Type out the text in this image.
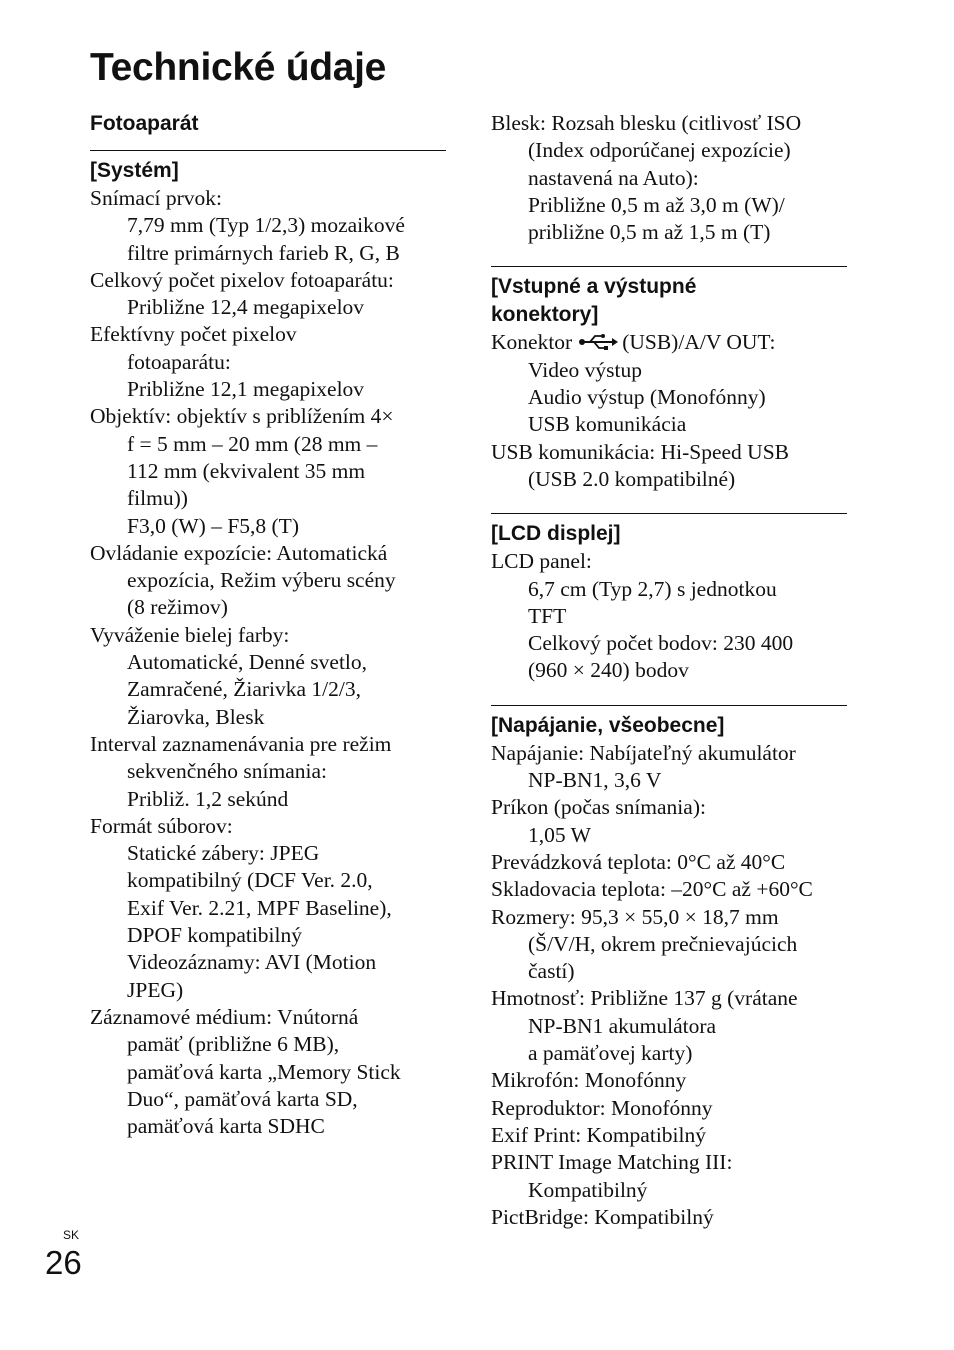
Technické údaje
Fotoaparát
[Systém]
Snímací prvok:
7,79 mm (Typ 1/2,3) mozaikové
filtre primárnych farieb R, G, B
Celkový počet pixelov fotoaparátu:
Približne 12,4 megapixelov
Efektívny počet pixelov
fotoaparátu:
Približne 12,1 megapixelov
Objektív: objektív s priblížením 4×
f = 5 mm – 20 mm (28 mm –
112 mm (ekvivalent 35 mm
filmu))
F3,0 (W) – F5,8 (T)
Ovládanie expozície: Automatická
expozícia, Režim výberu scény
(8 režimov)
Vyváženie bielej farby:
Automatické, Denné svetlo,
Zamračené, Žiarivka 1/2/3,
Žiarovka, Blesk
Interval zaznamenávania pre režim
sekvenčného snímania:
Približ. 1,2 sekúnd
Formát súborov:
Statické zábery: JPEG
kompatibilný (DCF Ver. 2.0,
Exif Ver. 2.21, MPF Baseline),
DPOF kompatibilný
Videozáznamy: AVI (Motion
JPEG)
Záznamové médium: Vnútorná
pamäť (približne 6 MB),
pamäťová karta „Memory Stick
Duo“, pamäťová karta SD,
pamäťová karta SDHC
Blesk: Rozsah blesku (citlivosť ISO
(Index odporúčanej expozície)
nastavená na Auto):
Približne 0,5 m až 3,0 m (W)/
približne 0,5 m až 1,5 m (T)
[Vstupné a výstupné
konektory]
Konektor (USB)/A/V OUT:
Video výstup
Audio výstup (Monofónny)
USB komunikácia
USB komunikácia: Hi-Speed USB
(USB 2.0 kompatibilné)
[LCD displej]
LCD panel:
6,7 cm (Typ 2,7) s jednotkou
TFT
Celkový počet bodov: 230 400
(960 × 240) bodov
[Napájanie, všeobecne]
Napájanie: Nabíjateľný akumulátor
NP-BN1, 3,6 V
Príkon (počas snímania):
1,05 W
Prevádzková teplota: 0°C až 40°C
Skladovacia teplota: –20°C až +60°C
Rozmery: 95,3 × 55,0 × 18,7 mm
(Š/V/H, okrem prečnievajúcich
častí)
Hmotnosť: Približne 137 g (vrátane
NP-BN1 akumulátora
a pamäťovej karty)
Mikrofón: Monofónny
Reproduktor: Monofónny
Exif Print: Kompatibilný
PRINT Image Matching III:
Kompatibilný
PictBridge: Kompatibilný
SK
26
